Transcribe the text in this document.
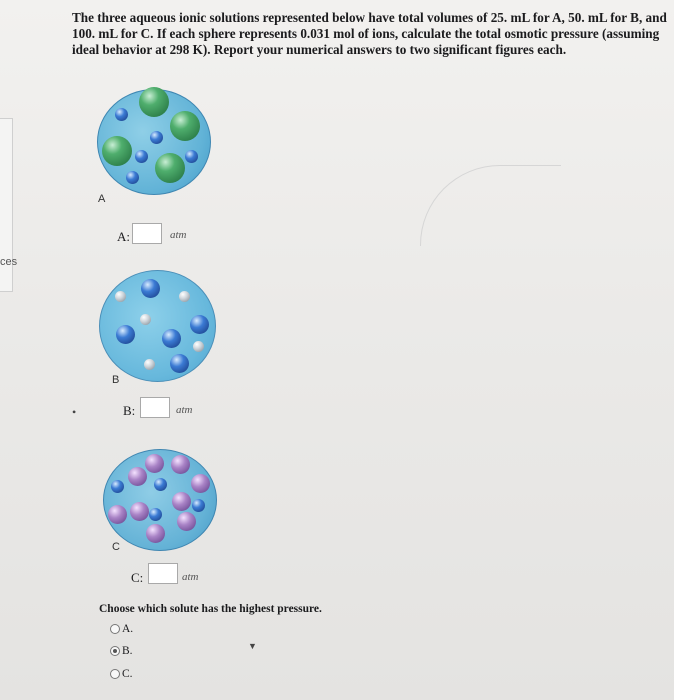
ces

The three aqueous ionic solutions represented below have total volumes of 25. mL for A, 50. mL for B, and 100. mL for C. If each sphere represents 0.031 mol of ions, calculate the total osmotic pressure (assuming ideal behavior at 298 K). Report your numerical answers to two significant figures each.

A
A:	atm
B
B:	atm
C
C:	atm
•
Choose which solute has the highest pressure.
A.
B.
C.
▼
